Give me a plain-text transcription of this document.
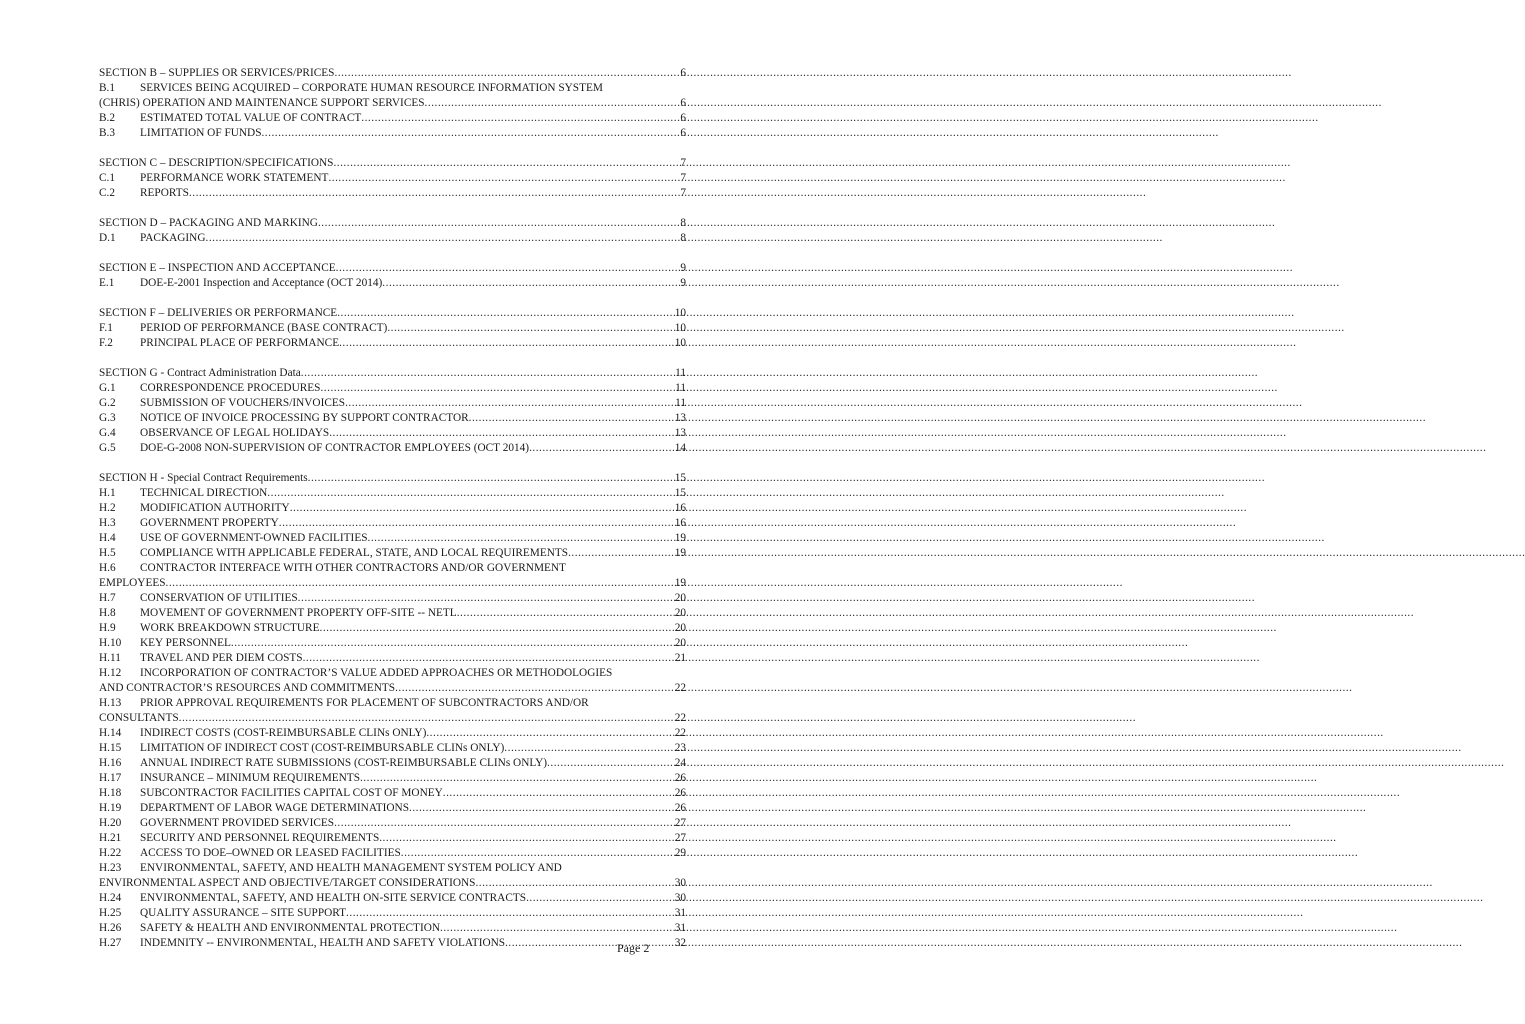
SECTION B – SUPPLIES OR SERVICES/PRICES .....	6
B.1 SERVICES BEING ACQUIRED – CORPORATE HUMAN RESOURCE INFORMATION SYSTEM
(CHRIS) OPERATION AND MAINTENANCE SUPPORT SERVICES .....	6
B.2	ESTIMATED TOTAL VALUE OF CONTRACT .....	6
B.3	LIMITATION OF FUNDS .....	6
SECTION C – DESCRIPTION/SPECIFICATIONS .....	7
C.1	PERFORMANCE WORK STATEMENT .....	7
C.2	REPORTS .....	7
SECTION D – PACKAGING AND MARKING .....	8
D.1	PACKAGING .....	8
SECTION E – INSPECTION AND ACCEPTANCE .....	9
E.1	DOE-E-2001 Inspection and Acceptance (OCT 2014) .....	9
SECTION F – DELIVERIES OR PERFORMANCE .....	10
F.1	PERIOD OF PERFORMANCE (BASE CONTRACT) .....	10
F.2	PRINCIPAL PLACE OF PERFORMANCE .....	10
SECTION G - Contract Administration Data .....	11
G.1	CORRESPONDENCE PROCEDURES .....	11
G.2	SUBMISSION OF VOUCHERS/INVOICES .....	11
G.3	NOTICE OF INVOICE PROCESSING BY SUPPORT CONTRACTOR .....	13
G.4	OBSERVANCE OF LEGAL HOLIDAYS .....	13
G.5	DOE-G-2008 NON-SUPERVISION OF CONTRACTOR EMPLOYEES (OCT 2014) .....	14
SECTION H - Special Contract Requirements .....	15
H.1	TECHNICAL DIRECTION .....	15
H.2	MODIFICATION AUTHORITY .....	16
H.3	GOVERNMENT PROPERTY .....	16
H.4	USE OF GOVERNMENT-OWNED FACILITIES .....	19
H.5	COMPLIANCE WITH APPLICABLE FEDERAL, STATE, AND LOCAL REQUIREMENTS .....	19
H.6 CONTRACTOR INTERFACE WITH OTHER CONTRACTORS AND/OR GOVERNMENT
EMPLOYEES .....	19
H.7	CONSERVATION OF UTILITIES .....	20
H.8	MOVEMENT OF GOVERNMENT PROPERTY OFF-SITE -- NETL .....	20
H.9	WORK BREAKDOWN STRUCTURE .....	20
H.10	KEY PERSONNEL .....	20
H.11	TRAVEL AND PER DIEM COSTS .....	21
H.12 INCORPORATION OF CONTRACTOR’S VALUE ADDED APPROACHES OR METHODOLOGIES
AND CONTRACTOR’S RESOURCES AND COMMITMENTS .....	22
H.13 PRIOR APPROVAL REQUIREMENTS FOR PLACEMENT OF SUBCONTRACTORS AND/OR
CONSULTANTS .....	22
H.14	INDIRECT COSTS (COST-REIMBURSABLE CLINs ONLY) .....	22
H.15	LIMITATION OF INDIRECT COST (COST-REIMBURSABLE CLINs ONLY) .....	23
H.16	ANNUAL INDIRECT RATE SUBMISSIONS (COST-REIMBURSABLE CLINs ONLY) .....	24
H.17	INSURANCE – MINIMUM REQUIREMENTS .....	26
H.18	SUBCONTRACTOR FACILITIES CAPITAL COST OF MONEY .....	26
H.19	DEPARTMENT OF LABOR WAGE DETERMINATIONS .....	26
H.20	GOVERNMENT PROVIDED SERVICES .....	27
H.21	SECURITY AND PERSONNEL REQUIREMENTS .....	27
H.22	ACCESS TO DOE–OWNED OR LEASED FACILITIES .....	29
H.23 ENVIRONMENTAL, SAFETY, AND HEALTH MANAGEMENT SYSTEM POLICY AND
ENVIRONMENTAL ASPECT AND OBJECTIVE/TARGET CONSIDERATIONS .....	30
H.24	ENVIRONMENTAL, SAFETY, AND HEALTH ON-SITE SERVICE CONTRACTS .....	30
H.25	QUALITY ASSURANCE – SITE SUPPORT .....	31
H.26	SAFETY & HEALTH AND ENVIRONMENTAL PROTECTION .....	31
H.27	INDEMNITY -- ENVIRONMENTAL, HEALTH AND SAFETY VIOLATIONS .....	32
Page 2
